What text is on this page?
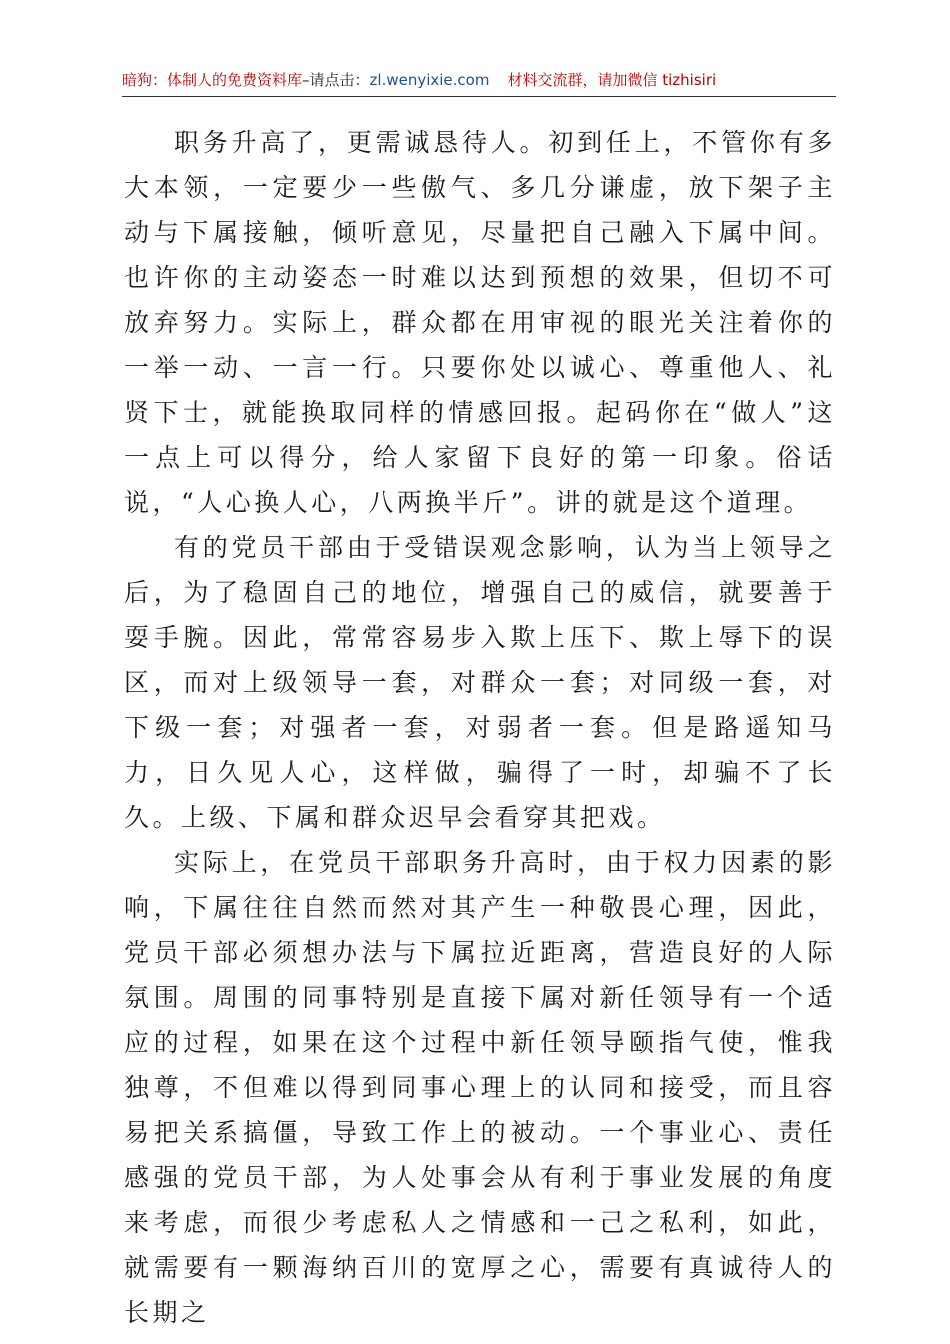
暗狗：体制人的免费资料库–请点击：zl.wenyixie.com 材料交流群，请加微信 tizhisiri

职务升高了，更需诚恳待人。初到任上，不管你有多大本领，一定要少一些傲气、多几分谦虚，放下架子主动与下属接触，倾听意见，尽量把自己融入下属中间。也许你的主动姿态一时难以达到预想的效果，但切不可放弃努力。实际上，群众都在用审视的眼光关注着你的一举一动、一言一行。只要你处以诚心、尊重他人、礼贤下士，就能换取同样的情感回报。起码你在“做人”这一点上可以得分，给人家留下良好的第一印象。俗话说，“人心换人心，八两换半斤”。讲的就是这个道理。

有的党员干部由于受错误观念影响，认为当上领导之后，为了稳固自己的地位，增强自己的威信，就要善于耍手腕。因此，常常容易步入欺上压下、欺上辱下的误区，而对上级领导一套，对群众一套；对同级一套，对下级一套；对强者一套，对弱者一套。但是路遥知马力，日久见人心，这样做，骗得了一时，却骗不了长久。上级、下属和群众迟早会看穿其把戏。

实际上，在党员干部职务升高时，由于权力因素的影响，下属往往自然而然对其产生一种敬畏心理，因此，党员干部必须想办法与下属拉近距离，营造良好的人际氛围。周围的同事特别是直接下属对新任领导有一个适应的过程，如果在这个过程中新任领导颐指气使，惟我独尊，不但难以得到同事心理上的认同和接受，而且容易把关系搞僵，导致工作上的被动。一个事业心、责任感强的党员干部，为人处事会从有利于事业发展的角度来考虑，而很少考虑私人之情感和一己之私利，如此，就需要有一颗海纳百川的宽厚之心，需要有真诚待人的长期之
